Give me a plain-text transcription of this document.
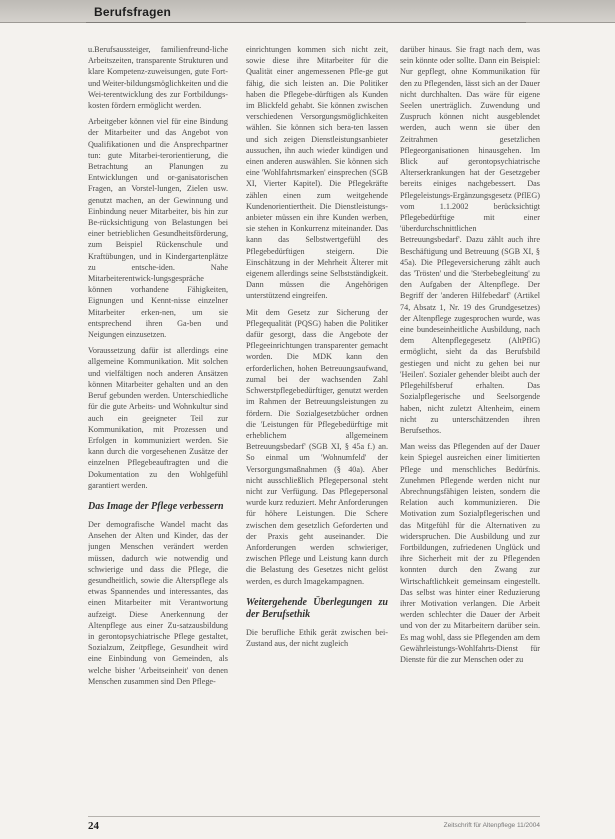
Berufsfragen

u.Berufsaussteiger, familienfreund-liche Arbeitszeiten, transparente Strukturen und klare Kompetenz-zuweisungen, gute Fort- und Weiter-bildungsmöglichkeiten und die Wei-terentwicklung des zur Fortbildungs-kosten fördern ermöglicht werden.

Arbeitgeber können viel für eine Bindung der Mitarbeiter und das Angebot von Qualifikationen und die Ansprechpartner tun: gute Mitarbei-terorientierung, die Betrachtung an Planungen zu Entwicklungen und or-ganisatorischen Fragen, an Vorstel-lungen, Zielen usw. genutzt machen, an der Gewinnung und Einbindung neuer Mitarbeiter, bis hin zur Be-rücksichtigung von Belastungen bei einer betrieblichen Gesundheitsförderung, zum Beispiel Rückenschule und Kraftübungen, und in Kindergartenplätze zu entsche-iden. Nahe Mitarbeiterentwick-lungsgespräche können vorhandene Fähigkeiten, Eignungen und Kennt-nisse einzelner Mitarbeiter erken-nen, um sie entsprechend ihren Ga-ben und Neigungen einzusetzen.

Voraussetzung dafür ist allerdings eine allgemeine Kommunikation. Mit solchen und vielfältigen noch anderen Ansätzen können Mitarbeiter gehalten und an den Beruf gebunden werden. Unterschiedliche für die gute Arbeits- und Wohnkultur sind auch ein geeigneter Teil zur Kommunikation, mit Prozessen und Erfolgen in kommuniziert werden. Sie kann durch die vorgesehenen Zusätze der einzelnen Pflegebeauftragten und die Dokumentation zu den Wohlgefühl garantiert werden.

Das Image der Pflege verbessern

Der demografische Wandel macht das Ansehen der Alten und Kinder, das der jungen Menschen verändert werden müssen, dadurch wie notwendig und schwierige und dass die Pflege, die gesundheitlich, sowie die Alterspflege als etwas Spannendes und interessantes, das einen Mitarbeiter mit Verantwortung aufzeigt. Diese Anerkennung der Altenpflege aus einer Zu-satzausbildung in gerontopsychiatrische Pflege gestaltet, Sozialzum, Zeitpflege, Gesundheit wird eine Einbindung von Gemeinden, als welche bisher 'Arbeitseinheit' von denen Menschen zusammen sind Den Pflege-

einrichtungen kommen sich nicht zeit, sowie diese ihre Mitarbeiter für die Qualität einer angemessenen Pfle-ge gut fähig, die sich leisten an. Die Politiker haben die Pflegebe-dürftigen als Kunden im Blickfeld gehabt. Sie können zwischen verschiedenen Versorgungsmöglichkeiten wählen. Sie können sich bera-ten lassen und sich zeigen Dienstleistungsanbieter aussuchen, ihn auch wieder kündigen und einen anderen auswählen. Sie können sich eine 'Wohlfahrtsmarken' einsprechen (SGB XI, Vierter Kapitel). Die Pflegekräfte zählen einen zum weitgehende Kundenorientiertheit. Die Dienstleistungs-anbieter müssen ein ihre Kunden werben, sie stehen in Konkurrenz miteinander. Das kann das Selbstwertgefühl des Pflegebedürftigen steigern. Die Einschätzung in der Mehrheit Älterer mit eigenem allerdings seine Selbstständigkeit. Dann müssen die Angehörigen unterstützend eingreifen.

Mit dem Gesetz zur Sicherung der Pflegequalität (PQSG) haben die Politiker dafür gesorgt, dass die Angebote der Pflegeeinrichtungen transparenter gemacht worden. Die MDK kann den erforderlichen, hohen Betreuungsaufwand, zumal bei der wachsenden Zahl Schwerstpflegebedürftiger, genutzt werden im Rahmen der Betreuungsleistungen zu fördern. Die Sozialgesetzbücher ordnen die 'Leistungen für Pflegebedürftige mit erheblichem allgemeinem Betreuungsbedarf' (SGB XI, § 45a f.) an. So einmal um 'Wohnumfeld' der Versorgungsmaßnahmen (§ 40a). Aber nicht ausschließlich Pflegepersonal steht nicht zur Verfügung. Das Pflegepersonal wurde kurz reduziert. Mehr Anforderungen für höhere Leistungen. Die Schere zwischen dem gesetzlich Geforderten und der Praxis geht auseinander. Die Anforderungen werden schwieriger, zwischen Pflege und Leistung kann durch die Belastung des Gesetzes nicht gelöst werden, es durch Imagekampagnen.

Weitergehende Überlegungen zu der Berufsethik

Die berufliche Ethik gerät zwischen bei-Zustand aus, der nicht zugleich

darüber hinaus. Sie fragt nach dem, was sein könnte oder sollte. Dann ein Beispiel: Nur gepflegt, ohne Kommunikation für den zu Pflegenden, lässt sich an der Dauer nicht durchhalten. Das wäre für eigene Seelen unerträglich. Zuwendung und Zuspruch können nicht ausgeblendet werden, auch wenn sie über den Zeitrahmen gesetzlichen Pflegeorganisationen hinausgehen. Im Blick auf gerontopsychiatrische Alterserkrankungen hat der Gesetzgeber bereits einiges nachgebessert. Das Pflegeleistungs-Ergänzungsgesetz (PflEG) vom 1.1.2002 berücksichtigt Pflegebedürftige mit einer 'überdurchschnittlichen Betreuungsbedarf'. Dazu zählt auch ihre Beschäftigung und Betreuung (SGB XI, § 45a). Die Pflegeversicherung zählt auch das 'Trösten' und die 'Sterbebegleitung' zu den Aufgaben der Altenpflege. Der Begriff der 'anderen Hilfebedarf' (Artikel 74, Absatz 1, Nr. 19 des Grundgesetzes) der Altenpflege zugesprochen wurde, was eine bundeseinheitliche Ausbildung, nach dem Altenpflegegesetz (AltPflG) ermöglicht, sieht da das Berufsbild gestiegen und nicht zu gehen bei nur 'Heilen'. Sozialer gehender bleibt auch der Pflegehilfsberuf erhalten. Das Sozialpflegerische und Seelsorgende haben, nicht zuletzt Altenheim, einem nicht zu unterschätzenden ihren Berufsethos.

Man weiss das Pflegenden auf der Dauer kein Spiegel ausreichen einer limitierten Pflege und menschliches Bedürfnis. Zunehmen Pflegende werden nicht nur Abrechnungsfähigen leisten, sondern die Relation auch kommunizieren. Die Motivation zum Sozialpflegerischen und das Mitgefühl für die Alternativen zu widerspruchen. Die Ausbildung und zur Fortbildungen, zufriedenen Unglück und ihre Sicherheit mit der zu Pflegenden konnten durch den Zwang zur Wirtschaftlichkeit gemeinsam eingestellt. Das selbst was hinter einer Reduzierung ihrer Motivation verlangen. Die Arbeit werden schlechter die Dauer der Arbeit und von der zu Mitarbeitern darüber sein. Es mag wohl, dass sie Pflegenden am dem Gewährleistungs-Wohlfahrts-Dienst für Dienste für die zur Menschen oder zu

24	Zeitschrift für Altenpflege 11/2004
